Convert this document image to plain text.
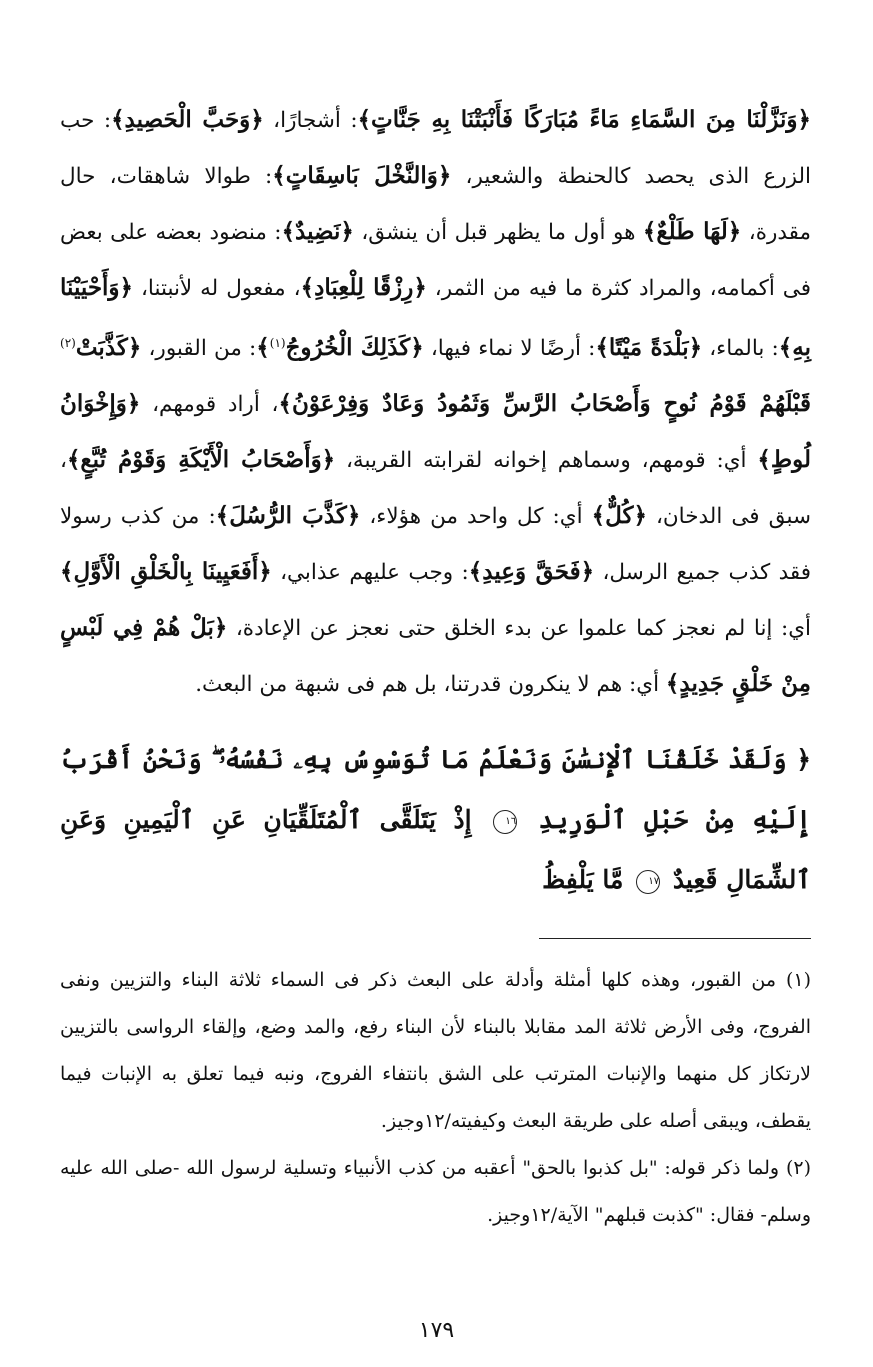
﴿وَنَزَّلْنَا مِنَ السَّمَاءِ مَاءً مُبَارَكًا فَأَنْبَتْنَا بِهِ جَنَّاتٍ﴾: أشجارًا، ﴿وَحَبَّ الْحَصِيدِ﴾: حب الزرع الذى يحصد كالحنطة والشعير، ﴿وَالنَّخْلَ بَاسِقَاتٍ﴾: طوالا شاهقات، حال مقدرة، ﴿لَهَا طَلْعٌ﴾ هو أول ما يظهر قبل أن ينشق، ﴿نَضِيدٌ﴾: منضود بعضه على بعض فى أكمامه، والمراد كثرة ما فيه من الثمر، ﴿رِزْقًا لِلْعِبَادِ﴾، مفعول له لأنبتنا، ﴿وَأَحْيَيْنَا بِهِ﴾: بالماء، ﴿بَلْدَةً مَيْتًا﴾: أرضًا لا نماء فيها، ﴿كَذَلِكَ الْخُرُوجُ$^{(١)}$﴾: من القبور، ﴿كَذَّبَتْ$^{(٢)}$ قَبْلَهُمْ قَوْمُ نُوحٍ وَأَصْحَابُ الرَّسِّ وَثَمُودُ وَعَادٌ وَفِرْعَوْنُ﴾، أراد قومهم، ﴿وَإِخْوَانُ لُوطٍ﴾ أي: قومهم، وسماهم إخوانه لقرابته القريبة، ﴿وَأَصْحَابُ الْأَيْكَةِ وَقَوْمُ تُبَّعٍ﴾، سبق فى الدخان، ﴿كُلٌّ﴾ أي: كل واحد من هؤلاء، ﴿كَذَّبَ الرُّسُلَ﴾: من كذب رسولا فقد كذب جميع الرسل، ﴿فَحَقَّ وَعِيدِ﴾: وجب عليهم عذابي، ﴿أَفَعَيِينَا بِالْخَلْقِ الْأَوَّلِ﴾ أي: إنا لم نعجز كما علموا عن بدء الخلق حتى نعجز عن الإعادة، ﴿بَلْ هُمْ فِي لَبْسٍ مِنْ خَلْقٍ جَدِيدٍ﴾ أي: هم لا ينكرون قدرتنا، بل هم فى شبهة من البعث.

﴿ وَلَقَدْ خَلَقْنَا ٱلْإِنسَٰنَ وَنَعْلَمُ مَا تُوَسْوِسُ بِهِۦ نَفْسُهُۥ ۖ وَنَحْنُ أَقْرَبُ إِلَيْهِ مِنْ حَبْلِ ٱلْوَرِيدِ ١٦ إِذْ يَتَلَقَّى ٱلْمُتَلَقِّيَانِ عَنِ ٱلْيَمِينِ وَعَنِ ٱلشِّمَالِ قَعِيدٌ ١٧ مَّا يَلْفِظُ

(١) من القبور، وهذه كلها أمثلة وأدلة على البعث ذكر فى السماء ثلاثة البناء والتزيين ونفى الفروج، وفى الأرض ثلاثة المد مقابلا بالبناء لأن البناء رفع، والمد وضع، وإلقاء الرواسى بالتزيين لارتكاز كل منهما والإنبات المترتب على الشق بانتفاء الفروج، ونبه فيما تعلق به الإنبات فيما يقطف، ويبقى أصله على طريقة البعث وكيفيته/١٢وجيز.

(٢) ولما ذكر قوله: "بل كذبوا بالحق" أعقبه من كذب الأنبياء وتسلية لرسول الله -صلى الله عليه وسلم- فقال: "كذبت قبلهم" الآية/١٢وجيز.

١٧٩
